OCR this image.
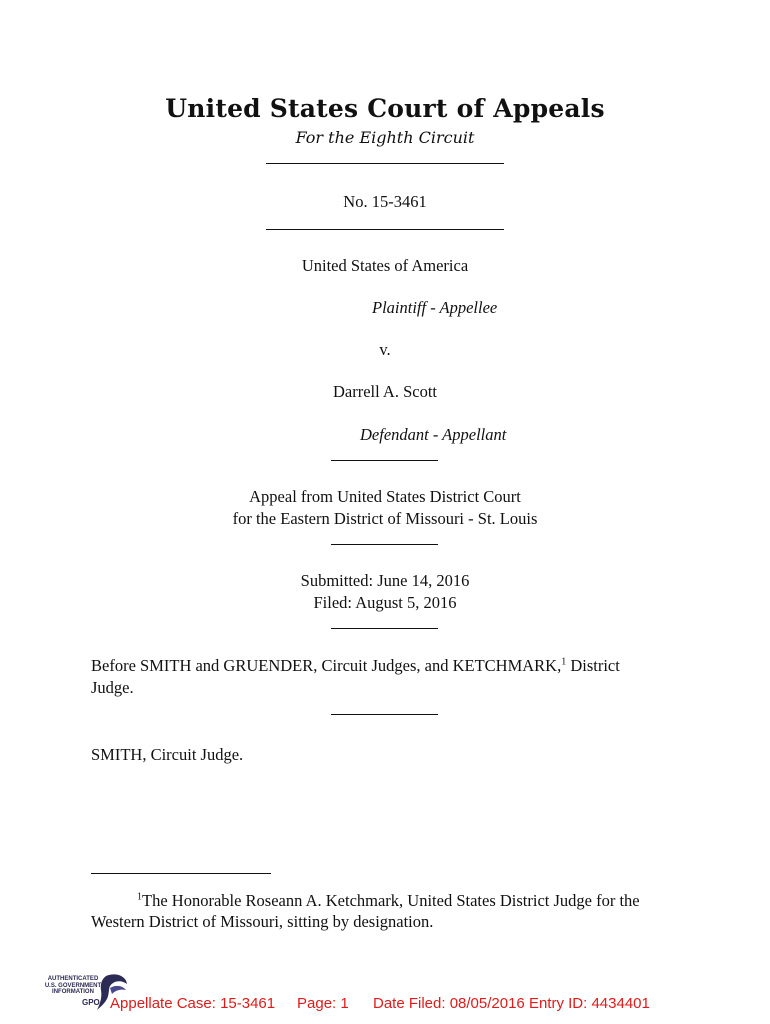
United States Court of Appeals
For the Eighth Circuit
No. 15-3461
United States of America
Plaintiff - Appellee
v.
Darrell A. Scott
Defendant - Appellant
Appeal from United States District Court
for the Eastern District of Missouri - St. Louis
Submitted: June 14, 2016
Filed: August 5, 2016
Before SMITH and GRUENDER, Circuit Judges, and KETCHMARK,$^1$ District
Judge.
SMITH, Circuit Judge.
$^1$The Honorable Roseann A. Ketchmark, United States District Judge for the
Western District of Missouri, sitting by designation.
AUTHENTICATED U.S. GOVERNMENT INFORMATION
GPO Appellate Case: 15-3461 Page: 1 Date Filed: 08/05/2016 Entry ID: 4434401
